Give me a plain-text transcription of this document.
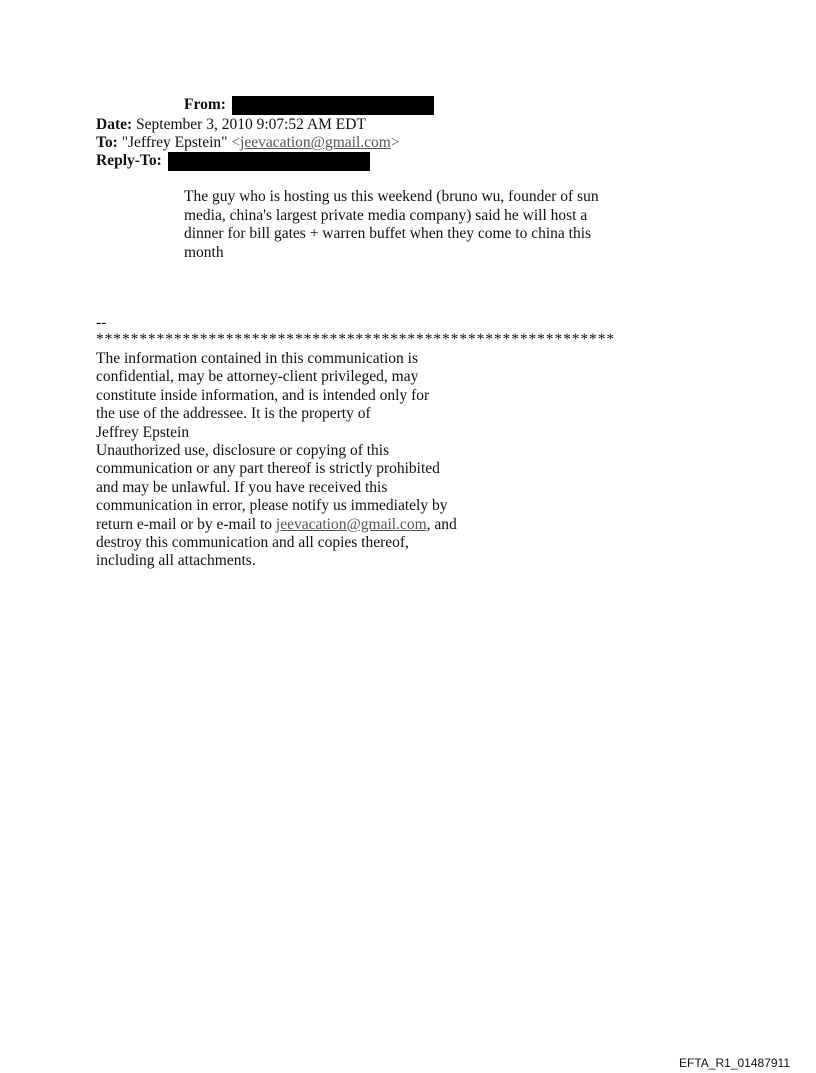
From:
Date: September 3, 2010 9:07:52 AM EDT
To: "Jeffrey Epstein" <jeevacation@gmail.com>
Reply-To:
The guy who is hosting us this weekend (bruno wu, founder of sun
media, china's largest private media company) said he will host a
dinner for bill gates + warren buffet when they come to china this
month
--
************************************************************
The information contained in this communication is
confidential, may be attorney-client privileged, may
constitute inside information, and is intended only for
the use of the addressee. It is the property of
Jeffrey Epstein
Unauthorized use, disclosure or copying of this
communication or any part thereof is strictly prohibited
and may be unlawful. If you have received this
communication in error, please notify us immediately by
return e-mail or by e-mail to jeevacation@gmail.com, and
destroy this communication and all copies thereof,
including all attachments.
EFTA_R1_01487911
